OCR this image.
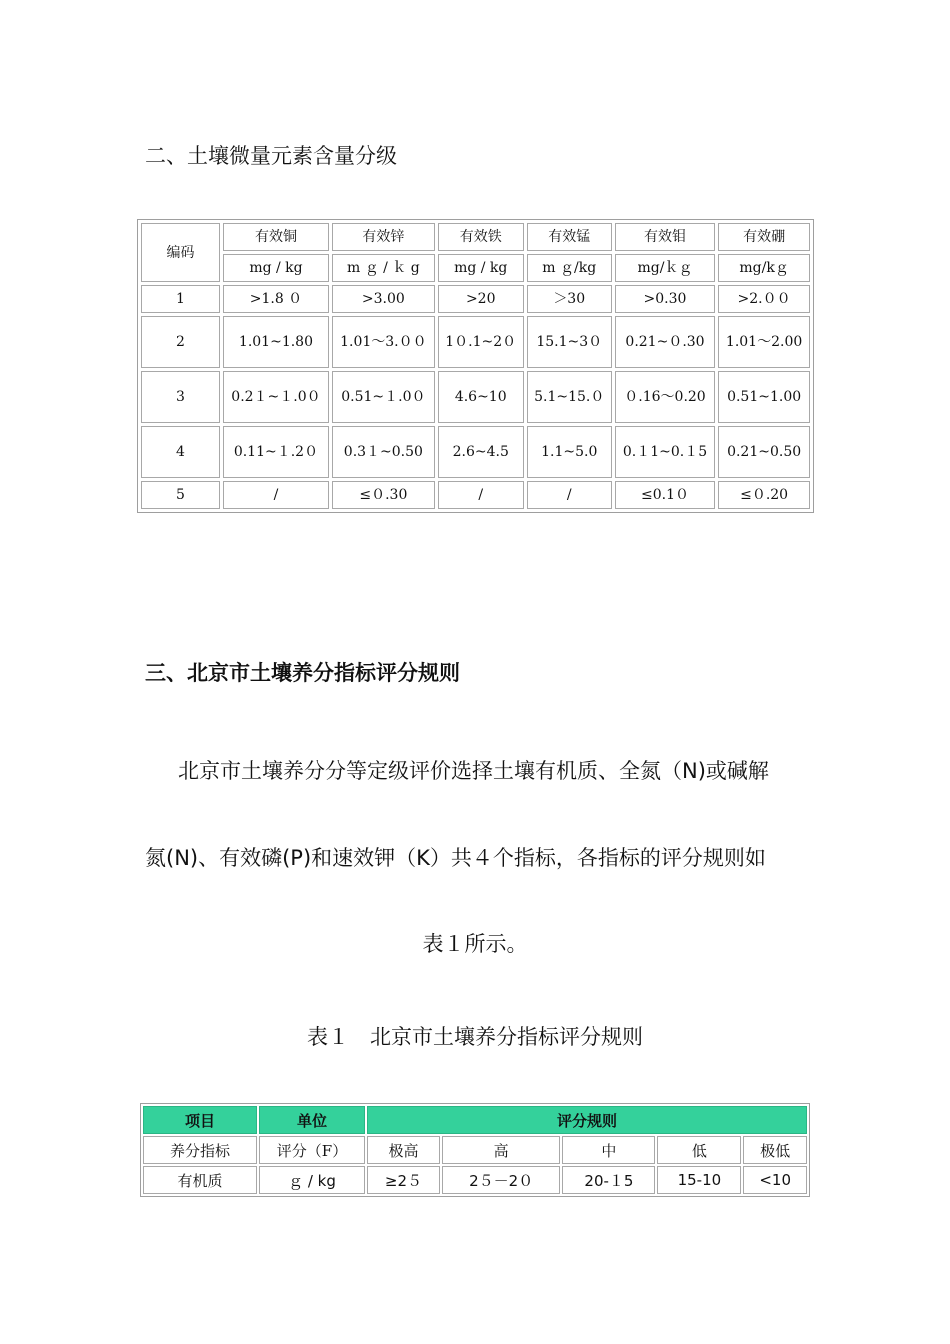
二、土壤微量元素含量分级
编码	有效铜	有效锌	有效铁	有效锰	有效钼	有效硼
	mg / kg	m ｇ / ｋ g	mg / kg	m ｇ/kg	mg/ｋｇ	mg/kｇ
1	>1.8 ０	>3.00	>20	＞30	>0.30	>2.００
2	1.01~1.80	1.01～3.００	1０.1~2０	15.1~3０	0.21~０.30	1.01～2.00
3	0.2１~１.0０	0.51~１.0０	4.6~10	5.1~15.０	０.16～0.20	0.51~1.00
4	0.11~１.2０	0.3１~0.50	2.6~4.5	1.1~5.0	0.１1~0.１5	0.21~0.50
5	/	≤０.30	/	/	≤0.1０	≤０.20
三、北京市土壤养分指标评分规则
北京市土壤养分分等定级评价选择土壤有机质、全氮（N)或碱解
氮(N)、有效磷(P)和速效钾（K）共４个指标，各指标的评分规则如
表１所示。
表１　北京市土壤养分指标评分规则
项目	单位	评分规则				
养分指标	评分（F）	极高	高	中	低	极低
有机质	ｇ / kg	≥2５	2５－2０	20-１5	15-10	<10
